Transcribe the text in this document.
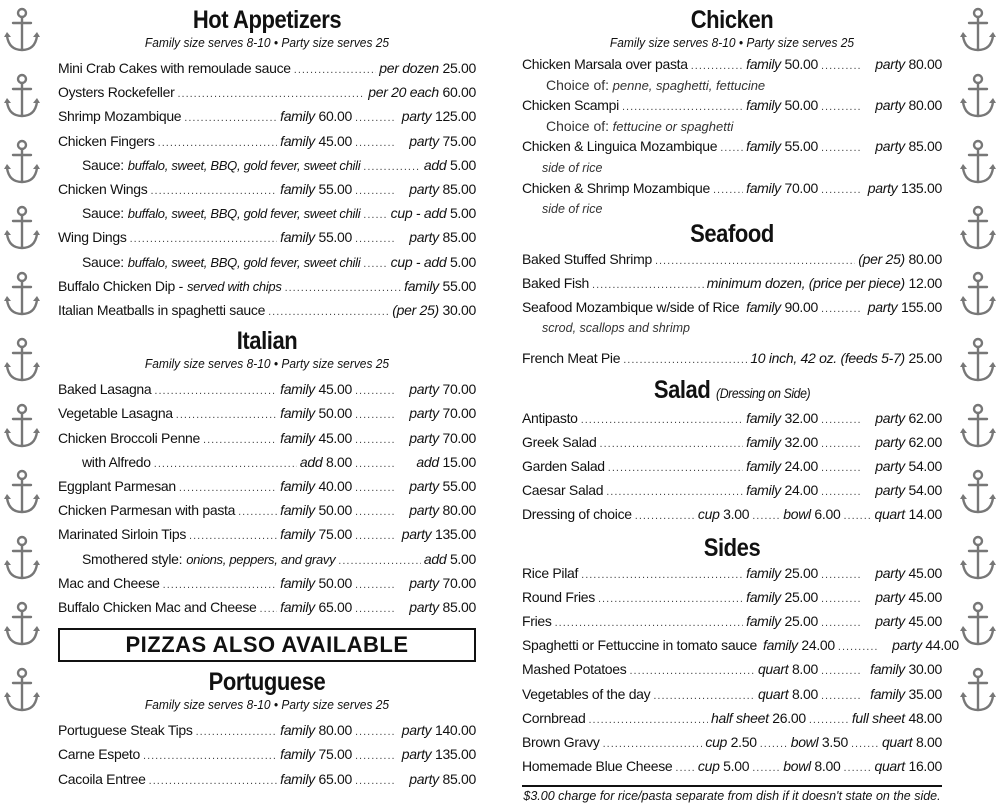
Hot Appetizers
Family size serves 8-10 • Party size serves 25
Mini Crab Cakes with remoulade sauce .....	per dozen 25.00
Oysters Rockefeller .....	per 20 each 60.00
Shrimp Mozambique .....	family 60.00 .....	party 125.00
Chicken Fingers .....	family 45.00 .....	party 75.00
Sauce: buffalo, sweet, BBQ, gold fever, sweet chili .....	add 5.00
Chicken Wings .....	family 55.00 .....	party 85.00
Sauce: buffalo, sweet, BBQ, gold fever, sweet chili ..... cup - add 5.00
Wing Dings .....	family 55.00 .....	party 85.00
Sauce: buffalo, sweet, BBQ, gold fever, sweet chili ..... cup - add 5.00
Buffalo Chicken Dip - served with chips .....	family 55.00
Italian Meatballs in spaghetti sauce .....	(per 25) 30.00
Italian
Family size serves 8-10 • Party size serves 25
Baked Lasagna .....	family 45.00 .....	party 70.00
Vegetable Lasagna .....	family 50.00 .....	party 70.00
Chicken Broccoli Penne .....	family 45.00 .....	party 70.00
with Alfredo .....	add 8.00 .....	add 15.00
Eggplant Parmesan .....	family 40.00 .....	party 55.00
Chicken Parmesan with pasta .....	family 50.00 .....	party 80.00
Marinated Sirloin Tips .....	family 75.00 .....	party 135.00
Smothered style: onions, peppers, and gravy .....	add 5.00
Mac and Cheese .....	family 50.00 .....	party 70.00
Buffalo Chicken Mac and Cheese ..... family 65.00 .....	party 85.00
PIZZAS ALSO AVAILABLE
Portuguese
Family size serves 8-10 • Party size serves 25
Portuguese Steak Tips .....	family 80.00 .....	party 140.00
Carne Espeto .....	family 75.00 .....	party 135.00
Cacoila Entree .....	family 65.00 .....	party 85.00
Chicken
Family size serves 8-10 • Party size serves 25
Chicken Marsala over pasta .....	family 50.00 .....	party 80.00
Choice of: penne, spaghetti, fettucine
Chicken Scampi .....	family 50.00 .....	party 80.00
Choice of: fettucine or spaghetti
Chicken & Linguica Mozambique ..... family 55.00 .....	party 85.00
side of rice
Chicken & Shrimp Mozambique .....	family 70.00 .....	party 135.00
side of rice
Seafood
Baked Stuffed Shrimp .....	(per 25) 80.00
Baked Fish .....	minimum dozen, (price per piece) 12.00
Seafood Mozambique w/side of Rice ..... family 90.00 .....	party 155.00
scrod, scallops and shrimp
French Meat Pie .....	10 inch, 42 oz. (feeds 5-7) 25.00
Salad (Dressing on Side)
Antipasto .....	family 32.00 .....	party 62.00
Greek Salad .....	family 32.00 .....	party 62.00
Garden Salad .....	family 24.00 .....	party 54.00
Caesar Salad .....	family 24.00 .....	party 54.00
Dressing of choice .....	cup 3.00 ..... bowl 6.00 ..... quart 14.00
Sides
Rice Pilaf .....	family 25.00 .....	party 45.00
Round Fries .....	family 25.00 .....	party 45.00
Fries .....	family 25.00 .....	party 45.00
Spaghetti or Fettuccine in tomato sauce family 24.00 .....	party 44.00
Mashed Potatoes .....	quart 8.00 .....	family 30.00
Vegetables of the day .....	quart 8.00 .....	family 35.00
Cornbread .....	half sheet 26.00 .....	full sheet 48.00
Brown Gravy .....	cup 2.50 ..... bowl 3.50 ..... quart 8.00
Homemade Blue Cheese ..... cup 5.00 ..... bowl 8.00 ..... quart 16.00
$3.00 charge for rice/pasta separate from dish if it doesn't state on the side.
